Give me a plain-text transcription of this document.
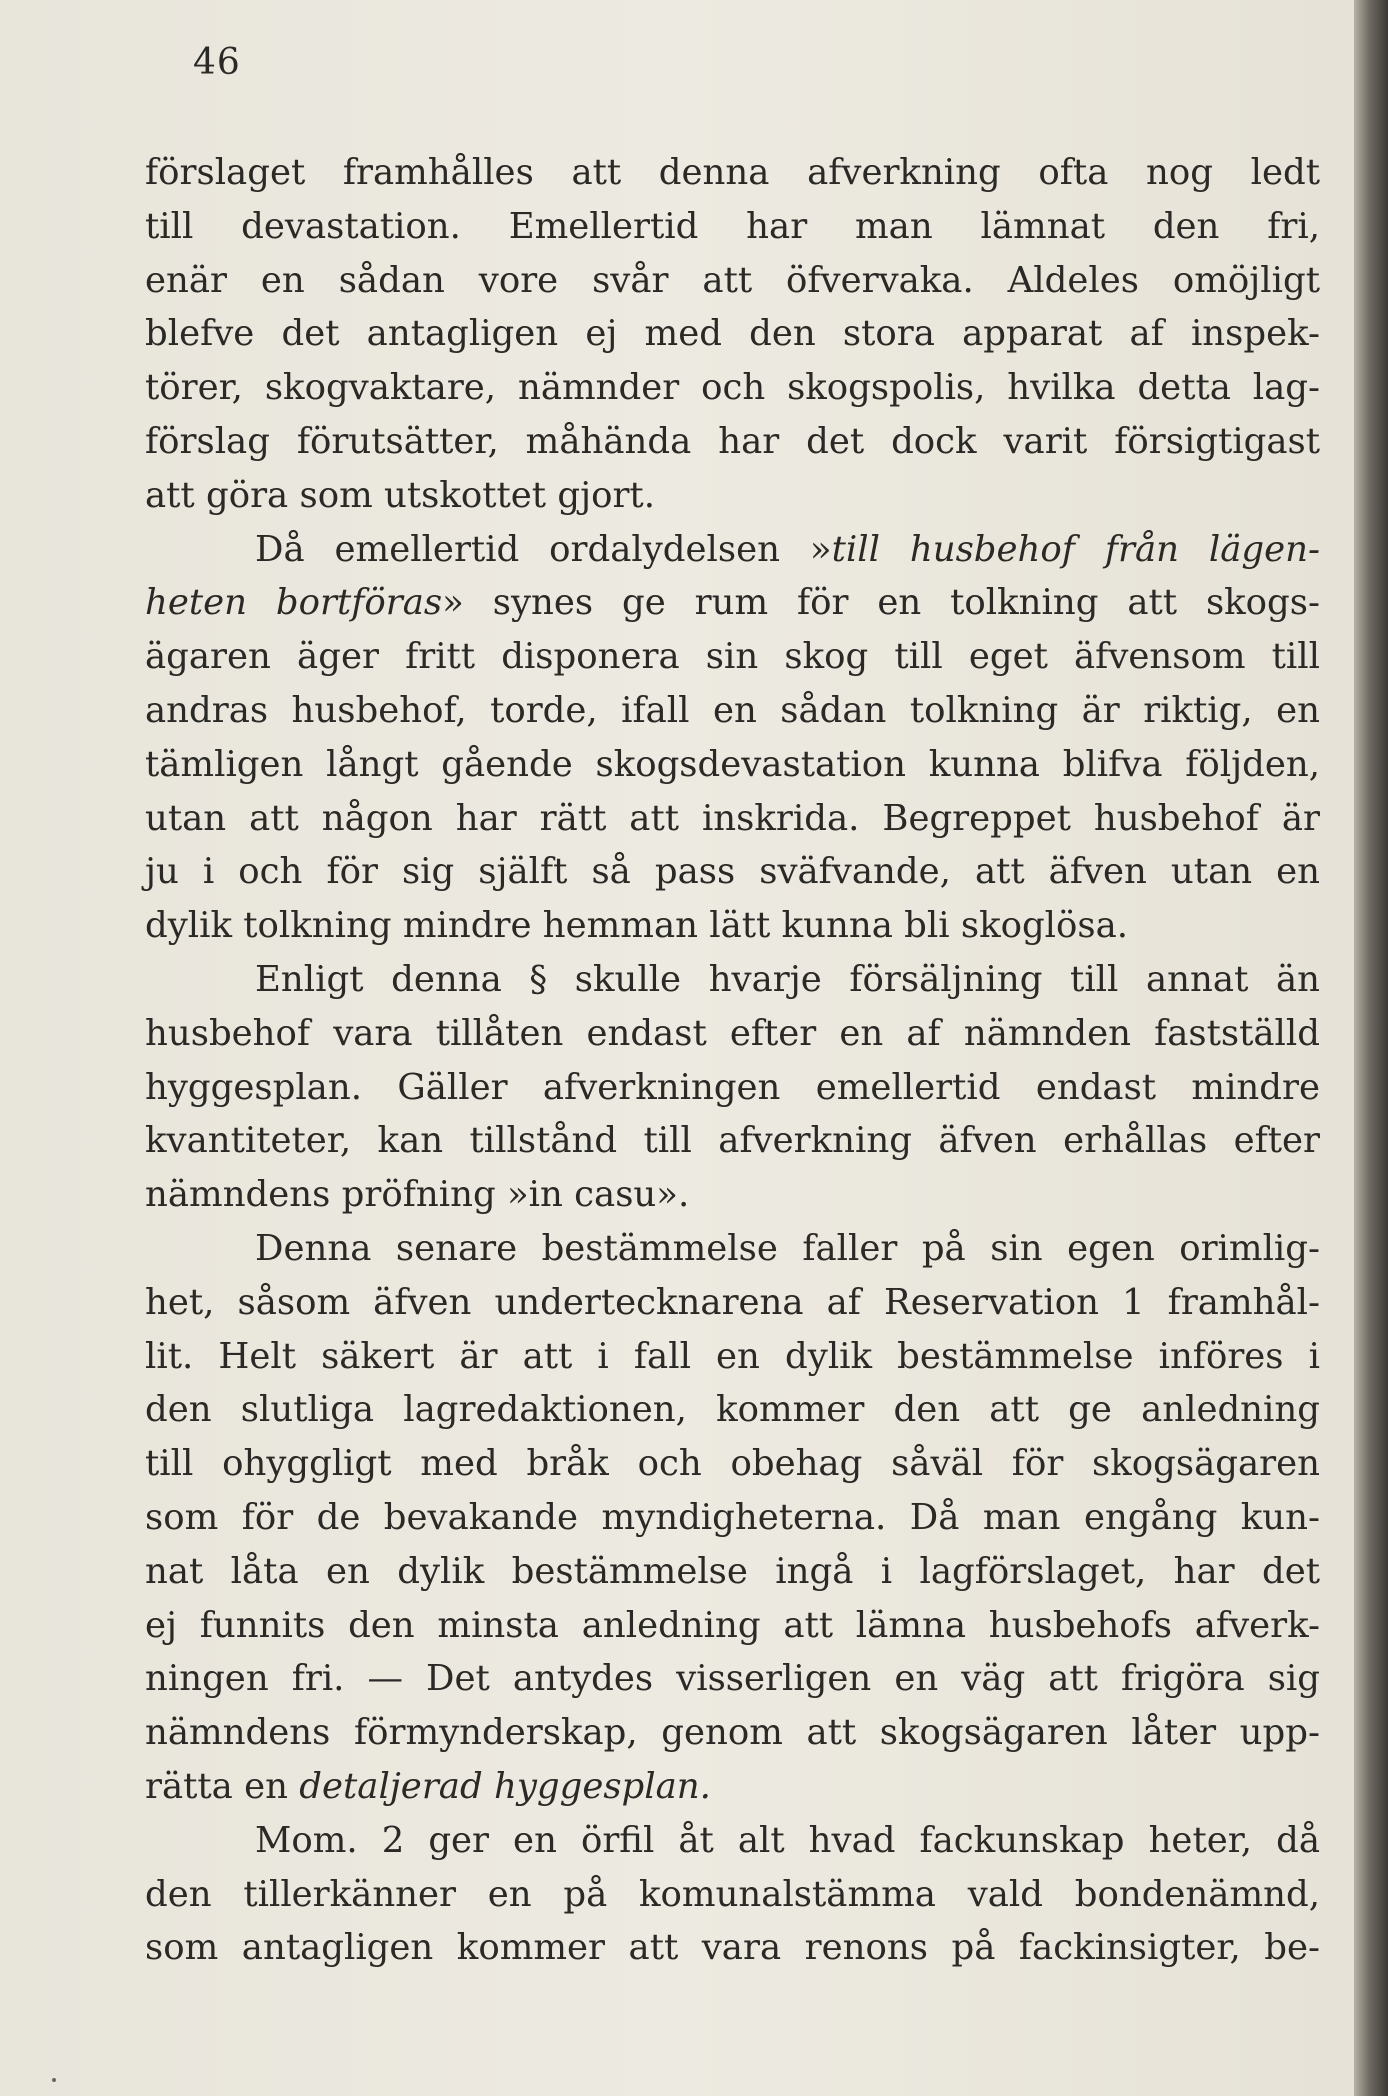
46
förslaget framhålles att denna afverkning ofta nog ledt
till devastation. Emellertid har man lämnat den fri,
enär en sådan vore svår att öfvervaka. Aldeles omöjligt
blefve det antagligen ej med den stora apparat af inspek-
törer, skogvaktare, nämnder och skogspolis, hvilka detta lag-
förslag förutsätter, måhända har det dock varit försigtigast
att göra som utskottet gjort.
Då emellertid ordalydelsen »till husbehof från lägen-
heten bortföras» synes ge rum för en tolkning att skogs-
ägaren äger fritt disponera sin skog till eget äfvensom till
andras husbehof, torde, ifall en sådan tolkning är riktig, en
tämligen långt gående skogsdevastation kunna blifva följden,
utan att någon har rätt att inskrida. Begreppet husbehof är
ju i och för sig själft så pass sväfvande, att äfven utan en
dylik tolkning mindre hemman lätt kunna bli skoglösa.
Enligt denna § skulle hvarje försäljning till annat än
husbehof vara tillåten endast efter en af nämnden fastställd
hyggesplan. Gäller afverkningen emellertid endast mindre
kvantiteter, kan tillstånd till afverkning äfven erhållas efter
nämndens pröfning »in casu».
Denna senare bestämmelse faller på sin egen orimlig-
het, såsom äfven undertecknarena af Reservation 1 framhål-
lit. Helt säkert är att i fall en dylik bestämmelse införes i
den slutliga lagredaktionen, kommer den att ge anledning
till ohyggligt med bråk och obehag såväl för skogsägaren
som för de bevakande myndigheterna. Då man engång kun-
nat låta en dylik bestämmelse ingå i lagförslaget, har det
ej funnits den minsta anledning att lämna husbehofs afverk-
ningen fri. — Det antydes visserligen en väg att frigöra sig
nämndens förmynderskap, genom att skogsägaren låter upp-
rätta en detaljerad hyggesplan.
Mom. 2 ger en örfil åt alt hvad fackunskap heter, då
den tillerkänner en på komunalstämma vald bondenämnd,
som antagligen kommer att vara renons på fackinsigter, be-
